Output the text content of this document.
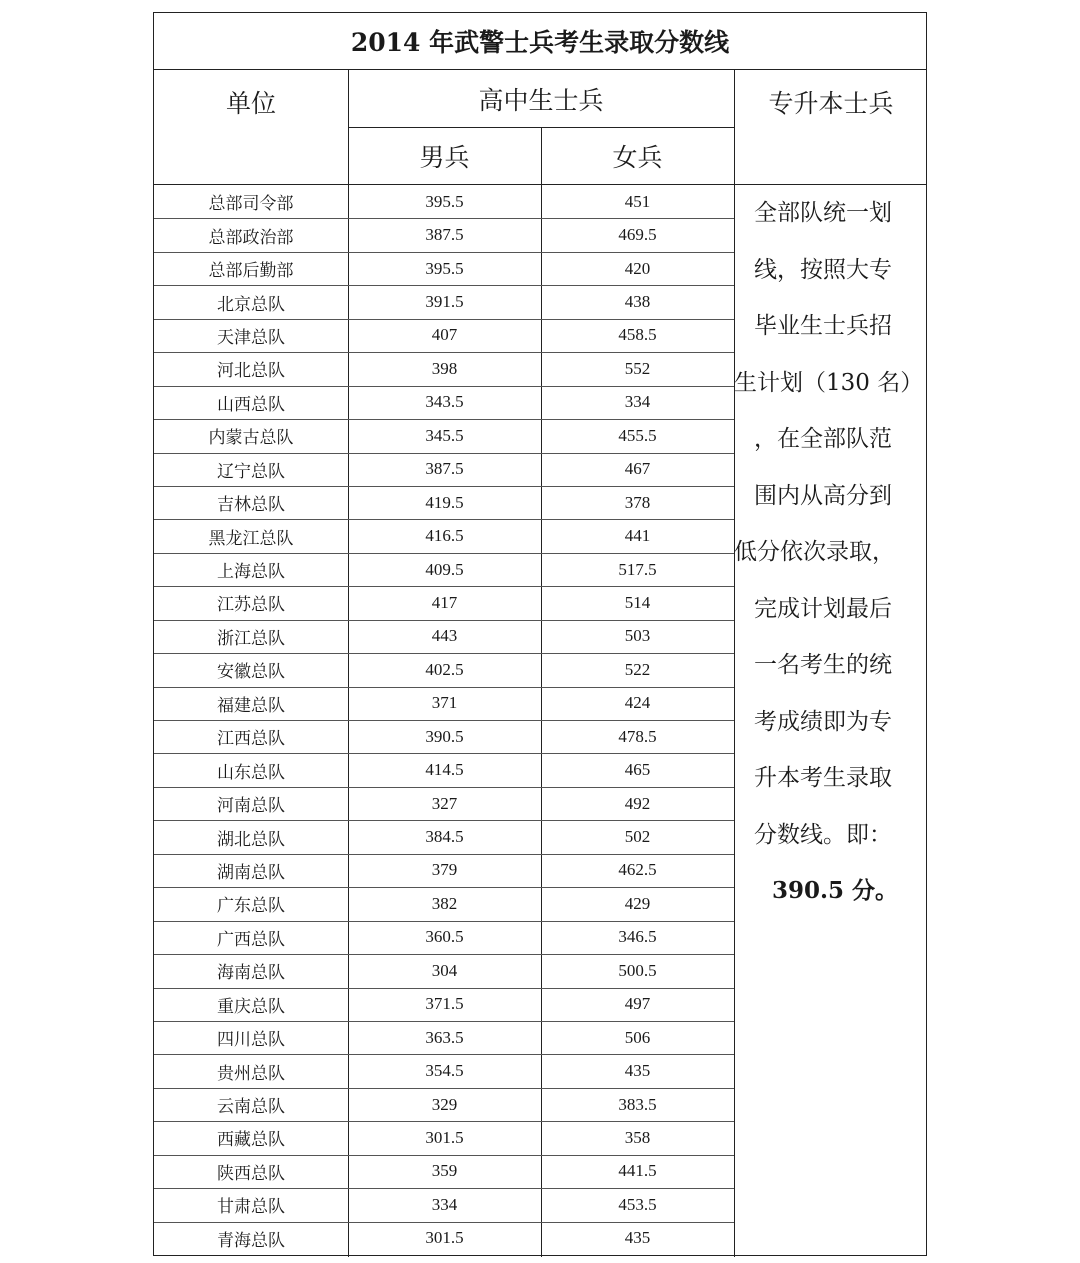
2014 年武警士兵考生录取分数线
单位	高中生士兵
男兵	女兵
专升本士兵
总部司令部	395.5	451
总部政治部	387.5	469.5
总部后勤部	395.5	420
北京总队	391.5	438
天津总队	407	458.5
河北总队	398	552
山西总队	343.5	334
内蒙古总队	345.5	455.5
辽宁总队	387.5	467
吉林总队	419.5	378
黑龙江总队	416.5	441
上海总队	409.5	517.5
江苏总队	417	514
浙江总队	443	503
安徽总队	402.5	522
福建总队	371	424
江西总队	390.5	478.5
山东总队	414.5	465
河南总队	327	492
湖北总队	384.5	502
湖南总队	379	462.5
广东总队	382	429
广西总队	360.5	346.5
海南总队	304	500.5
重庆总队	371.5	497
四川总队	363.5	506
贵州总队	354.5	435
云南总队	329	383.5
西藏总队	301.5	358
陕西总队	359	441.5
甘肃总队	334	453.5
青海总队	301.5	435
全部队统一划
线，按照大专
毕业生士兵招
生计划（130 名）
，在全部队范
围内从高分到
低分依次录取，
完成计划最后
一名考生的统
考成绩即为专
升本考生录取
分数线。即：
390.5 分。
